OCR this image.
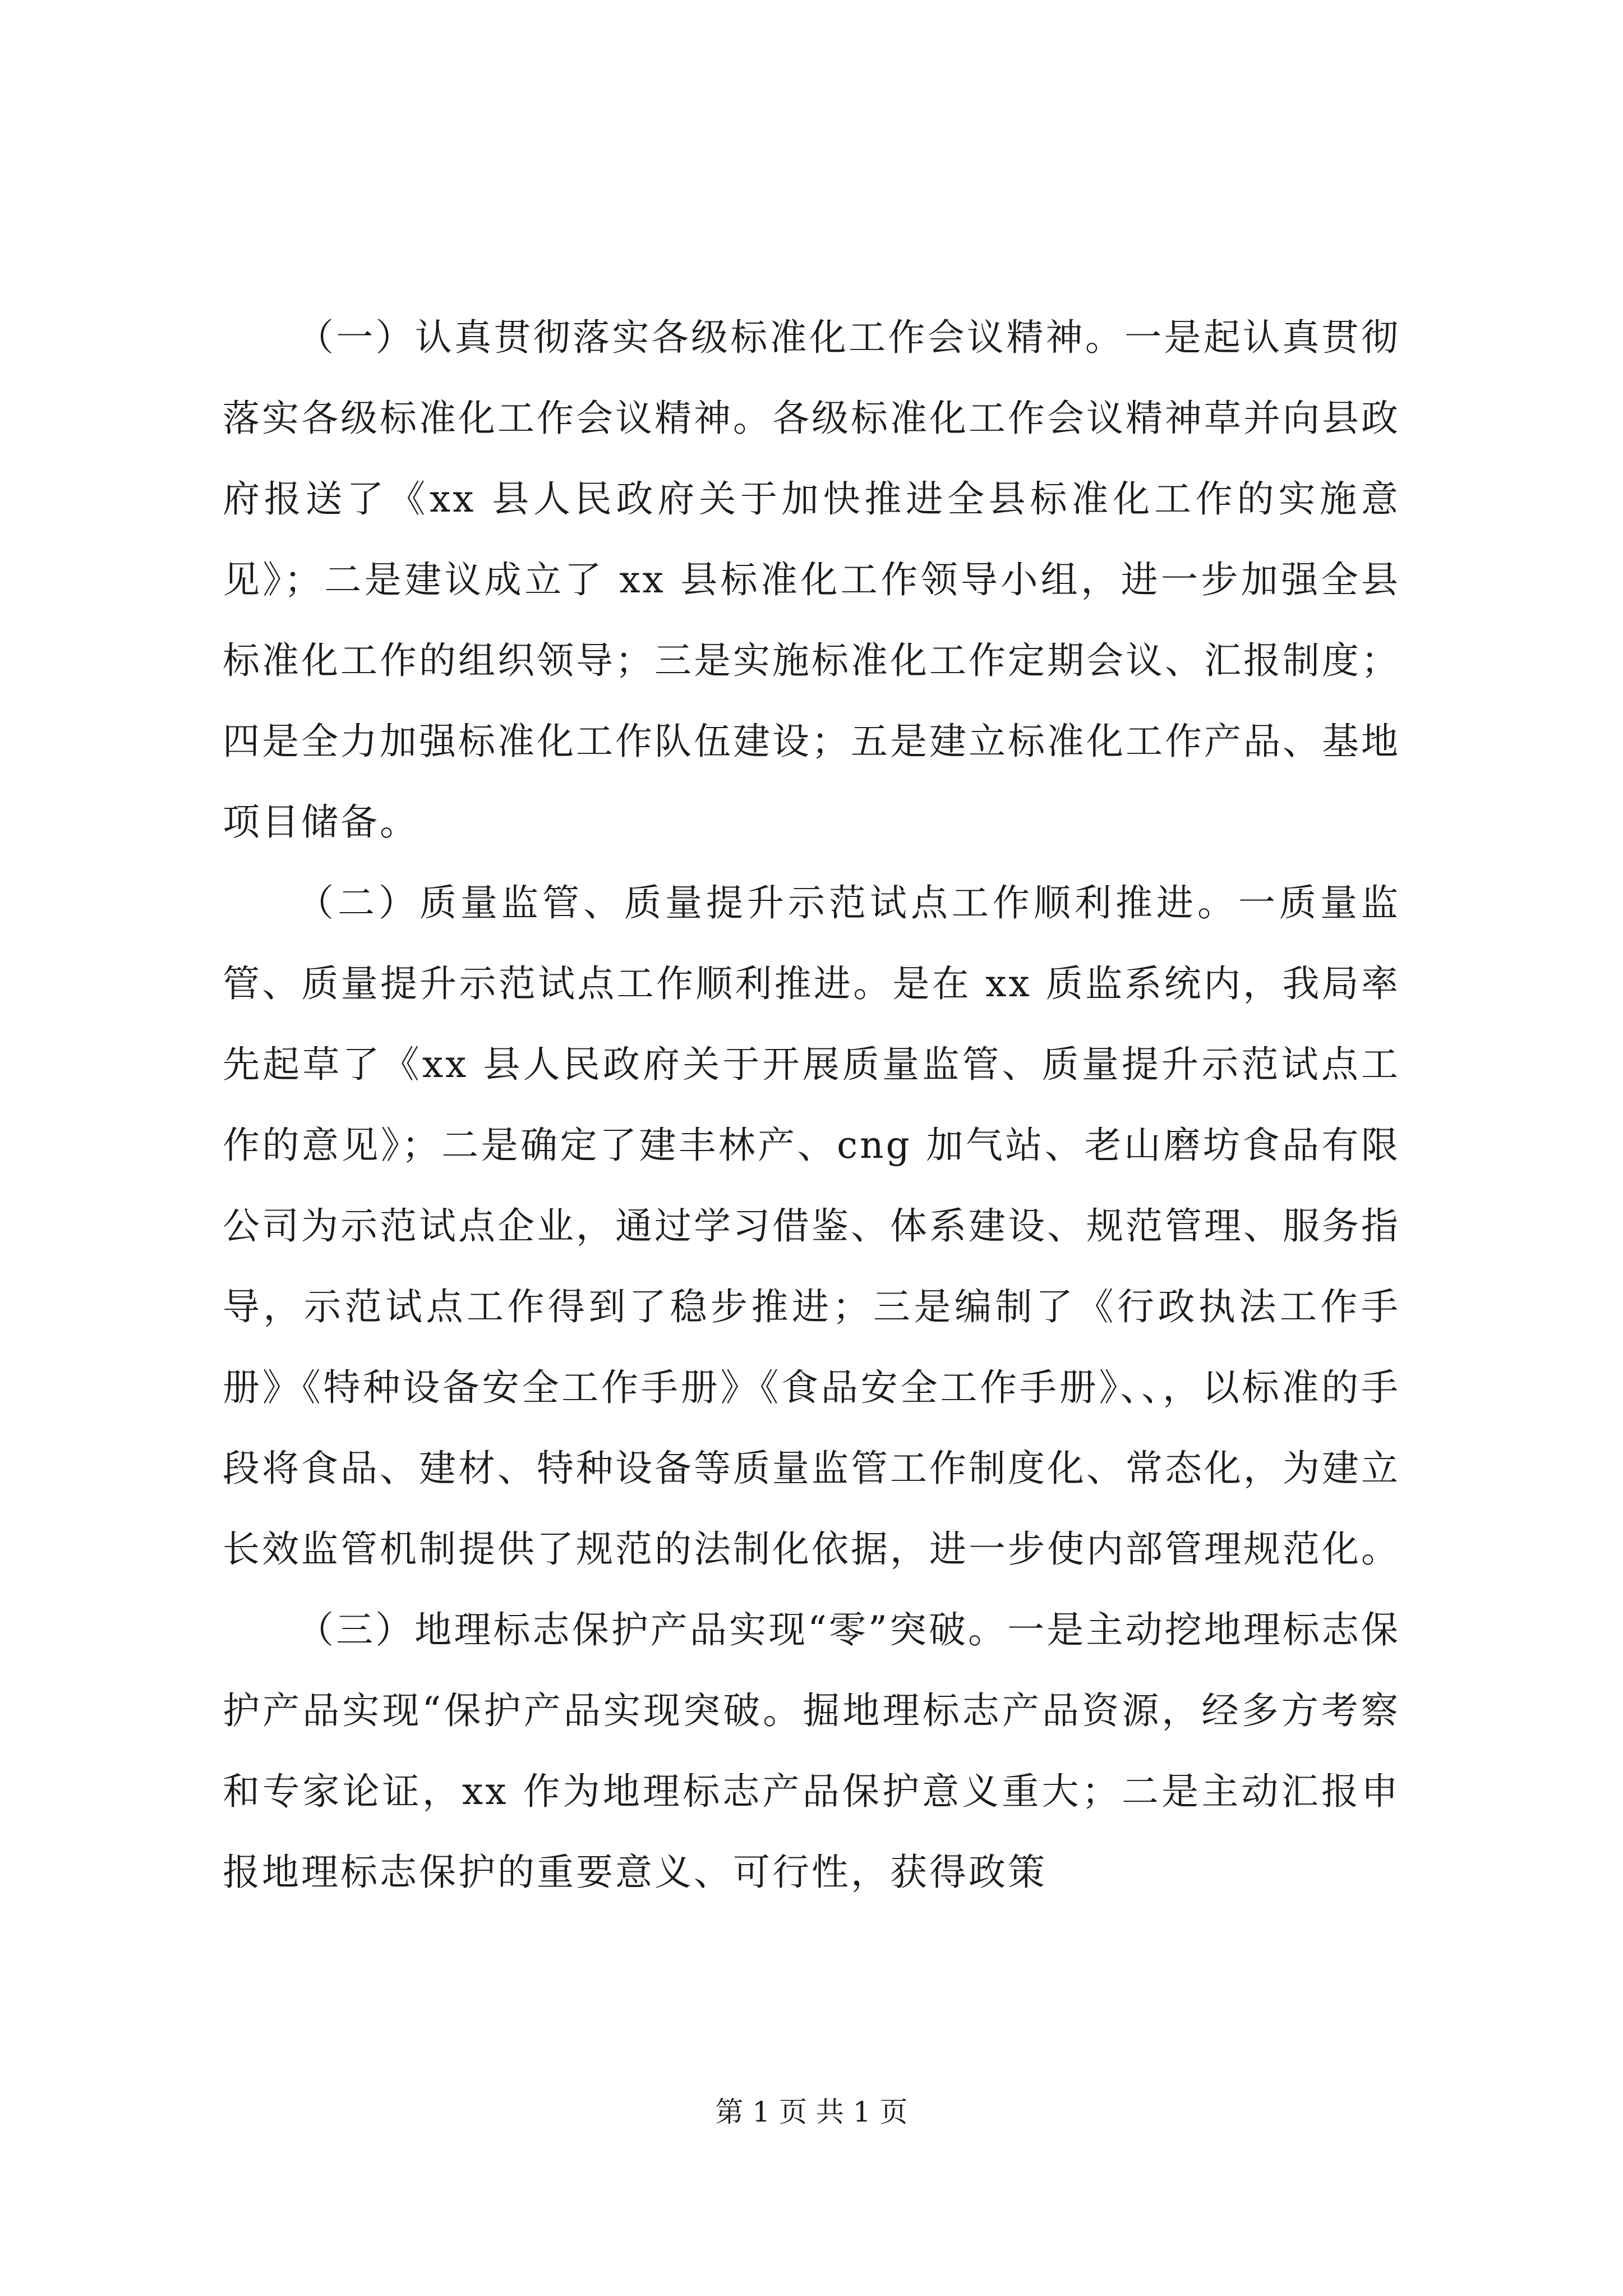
（一）认真贯彻落实各级标准化工作会议精神。一是起认真贯彻落实各级标准化工作会议精神。各级标准化工作会议精神草并向县政府报送了《xx 县人民政府关于加快推进全县标准化工作的实施意见》；二是建议成立了 xx 县标准化工作领导小组，进一步加强全县标准化工作的组织领导；三是实施标准化工作定期会议、汇报制度；四是全力加强标准化工作队伍建设；五是建立标准化工作产品、基地项目储备。

（二）质量监管、质量提升示范试点工作顺利推进。一质量监管、质量提升示范试点工作顺利推进。是在 xx 质监系统内，我局率先起草了《xx 县人民政府关于开展质量监管、质量提升示范试点工作的意见》；二是确定了建丰林产、cng 加气站、老山磨坊食品有限公司为示范试点企业，通过学习借鉴、体系建设、规范管理、服务指导，示范试点工作得到了稳步推进；三是编制了《行政执法工作手册》《特种设备安全工作手册》《食品安全工作手册》、、，以标准的手段将食品、建材、特种设备等质量监管工作制度化、常态化，为建立长效监管机制提供了规范的法制化依据，进一步使内部管理规范化。

（三）地理标志保护产品实现“零”突破。一是主动挖地理标志保护产品实现“保护产品实现突破。掘地理标志产品资源，经多方考察和专家论证，xx 作为地理标志产品保护意义重大；二是主动汇报申报地理标志保护的重要意义、可行性，获得政策

第 1 页 共 1 页
